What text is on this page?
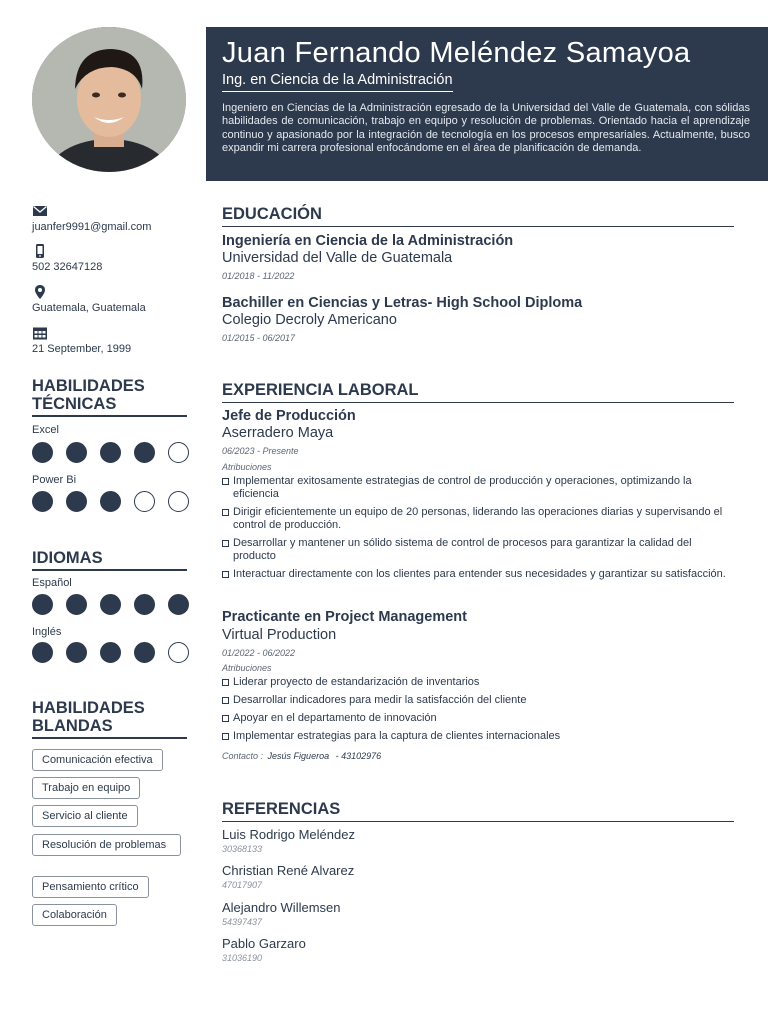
Juan Fernando Meléndez Samayoa
Ing. en Ciencia de la Administración

Ingeniero en Ciencias de la Administración egresado de la Universidad del Valle de Guatemala, con sólidas habilidades de comunicación, trabajo en equipo y resolución de problemas. Orientado hacia el aprendizaje continuo y apasionado por la integración de tecnología en los procesos empresariales. Actualmente, busco expandir mi carrera profesional enfocándome en el área de planificación de demanda.

juanfer9991@gmail.com
502 32647128
Guatemala, Guatemala
21 September, 1999
HABILIDADES
TÉCNICAS
Excel
Power Bi
IDIOMAS
Español
Inglés
HABILIDADES
BLANDAS
Comunicación efectiva
Trabajo en equipo
Servicio al cliente
Resolución de problemas
Pensamiento crítico
Colaboración
EDUCACIÓN
Ingeniería en Ciencia de la Administración
Universidad del Valle de Guatemala
01/2018 - 11/2022
Bachiller en Ciencias y Letras- High School Diploma
Colegio Decroly Americano
01/2015 - 06/2017
EXPERIENCIA LABORAL
Jefe de Producción
Aserradero Maya
06/2023 - Presente
Atribuciones
Implementar exitosamente estrategias de control de producción y operaciones, optimizando la eficiencia
Dirigir eficientemente un equipo de 20 personas, liderando las operaciones diarias y supervisando el control de producción.
Desarrollar y mantener un sólido sistema de control de procesos para garantizar la calidad del producto
Interactuar directamente con los clientes para entender sus necesidades y garantizar su satisfacción.
Practicante en Project Management
Virtual Production
01/2022 - 06/2022
Atribuciones
Liderar proyecto de estandarización de inventarios
Desarrollar indicadores para medir la satisfacción del cliente
Apoyar en el departamento de innovación
Implementar estrategias para la captura de clientes internacionales
Contacto : Jesús Figueroa - 43102976
REFERENCIAS
Luis Rodrigo Meléndez
30368133
Christian René Alvarez
47017907
Alejandro Willemsen
54397437
Pablo Garzaro
31036190
